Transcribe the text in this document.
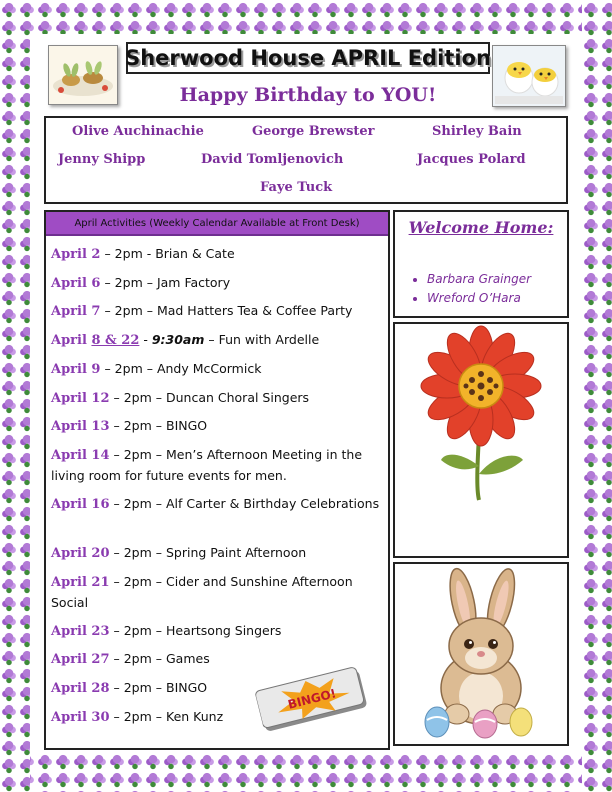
Sherwood House APRIL Edition
Happy Birthday to YOU!
Olive Auchinachie	George Brewster	Shirley Bain
Jenny Shipp	David Tomljenovich	Jacques Polard
Faye Tuck
April Activities (Weekly Calendar Available at Front Desk)
April 2 – 2pm - Brian & Cate
April 6 – 2pm – Jam Factory
April 7 – 2pm – Mad Hatters Tea & Coffee Party
April 8 & 22 - 9:30am – Fun with Ardelle
April 9 – 2pm – Andy McCormick
April 12 – 2pm – Duncan Choral Singers
April 13 – 2pm – BINGO
April 14 – 2pm – Men’s Afternoon Meeting in the living room for future events for men.
April 16 – 2pm – Alf Carter & Birthday Celebrations
April 20 – 2pm – Spring Paint Afternoon
April 21 – 2pm – Cider and Sunshine Afternoon Social
April 23 – 2pm – Heartsong Singers
April 27 – 2pm – Games
April 28 – 2pm – BINGO
April 30 – 2pm – Ken Kunz
BINGO!
Welcome Home:
• Barbara Grainger
• Wreford O’Hara
